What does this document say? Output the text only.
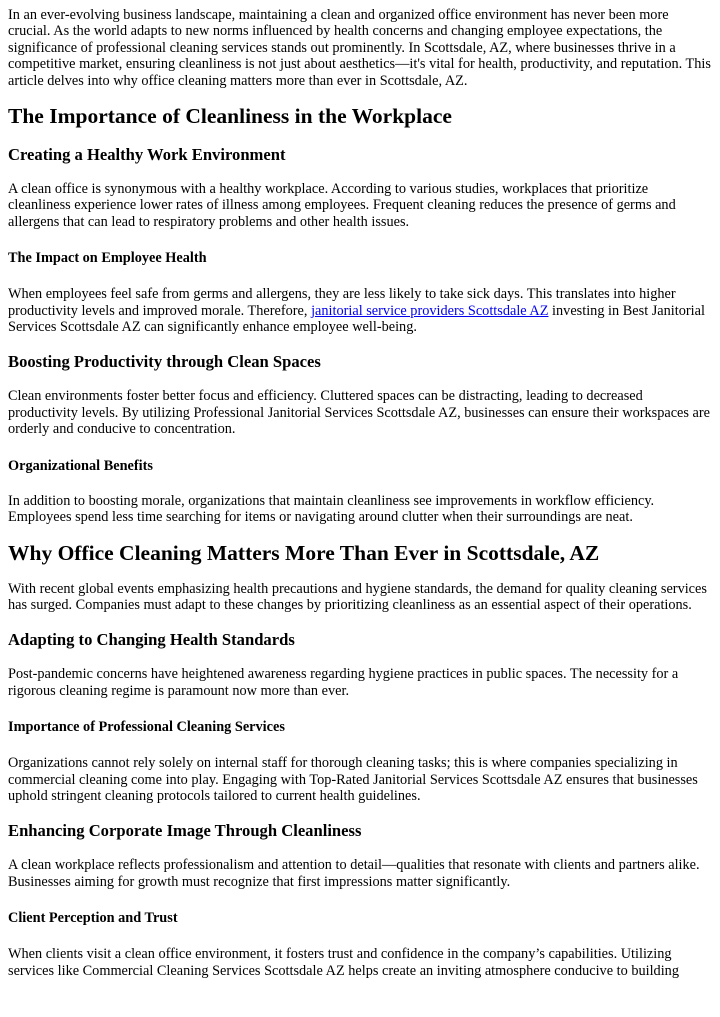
In an ever-evolving business landscape, maintaining a clean and organized office environment has never been more crucial. As the world adapts to new norms influenced by health concerns and changing employee expectations, the significance of professional cleaning services stands out prominently. In Scottsdale, AZ, where businesses thrive in a competitive market, ensuring cleanliness is not just about aesthetics—it's vital for health, productivity, and reputation. This article delves into why office cleaning matters more than ever in Scottsdale, AZ.

The Importance of Cleanliness in the Workplace
Creating a Healthy Work Environment

A clean office is synonymous with a healthy workplace. According to various studies, workplaces that prioritize cleanliness experience lower rates of illness among employees. Frequent cleaning reduces the presence of germs and allergens that can lead to respiratory problems and other health issues.

The Impact on Employee Health

When employees feel safe from germs and allergens, they are less likely to take sick days. This translates into higher productivity levels and improved morale. Therefore, janitorial service providers Scottsdale AZ investing in Best Janitorial Services Scottsdale AZ can significantly enhance employee well-being.

Boosting Productivity through Clean Spaces

Clean environments foster better focus and efficiency. Cluttered spaces can be distracting, leading to decreased productivity levels. By utilizing Professional Janitorial Services Scottsdale AZ, businesses can ensure their workspaces are orderly and conducive to concentration.

Organizational Benefits

In addition to boosting morale, organizations that maintain cleanliness see improvements in workflow efficiency. Employees spend less time searching for items or navigating around clutter when their surroundings are neat.

Why Office Cleaning Matters More Than Ever in Scottsdale, AZ

With recent global events emphasizing health precautions and hygiene standards, the demand for quality cleaning services has surged. Companies must adapt to these changes by prioritizing cleanliness as an essential aspect of their operations.

Adapting to Changing Health Standards

Post-pandemic concerns have heightened awareness regarding hygiene practices in public spaces. The necessity for a rigorous cleaning regime is paramount now more than ever.

Importance of Professional Cleaning Services

Organizations cannot rely solely on internal staff for thorough cleaning tasks; this is where companies specializing in commercial cleaning come into play. Engaging with Top-Rated Janitorial Services Scottsdale AZ ensures that businesses uphold stringent cleaning protocols tailored to current health guidelines.

Enhancing Corporate Image Through Cleanliness

A clean workplace reflects professionalism and attention to detail—qualities that resonate with clients and partners alike. Businesses aiming for growth must recognize that first impressions matter significantly.

Client Perception and Trust

When clients visit a clean office environment, it fosters trust and confidence in the company’s capabilities. Utilizing services like Commercial Cleaning Services Scottsdale AZ helps create an inviting atmosphere conducive to building
